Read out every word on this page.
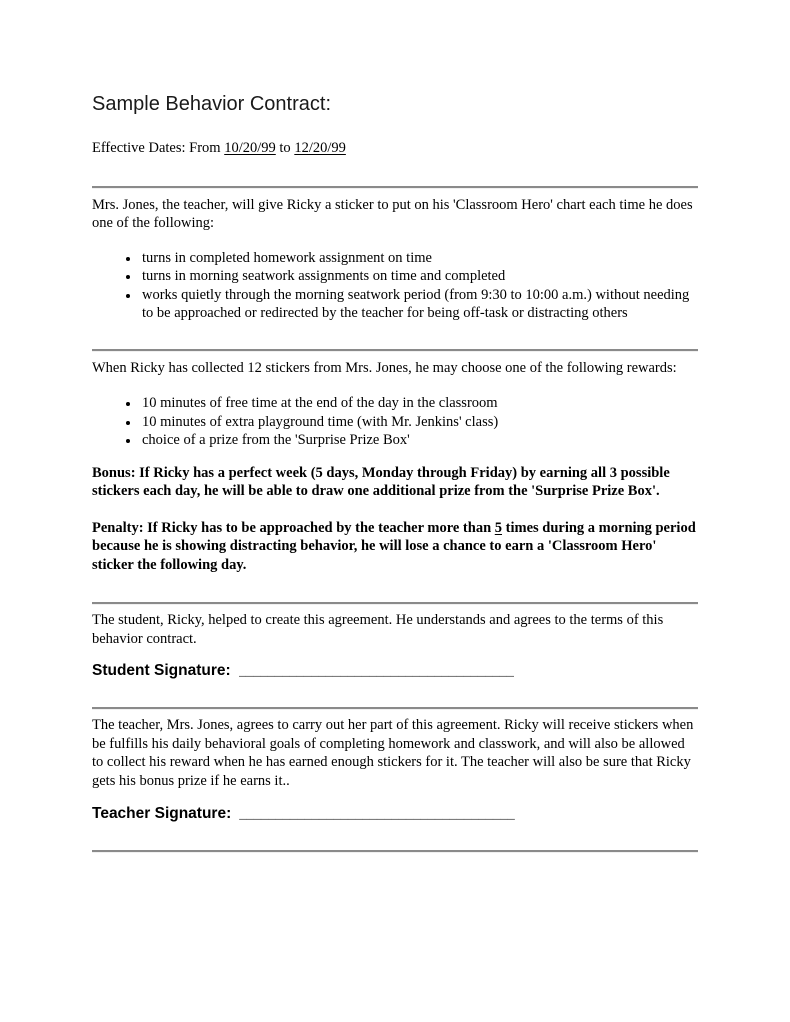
Sample Behavior Contract:

Effective Dates: From 10/20/99 to 12/20/99

Mrs. Jones, the teacher, will give Ricky a sticker to put on his 'Classroom Hero' chart each time he does one of the following:

• turns in completed homework assignment on time
• turns in morning seatwork assignments on time and completed
• works quietly through the morning seatwork period (from 9:30 to 10:00 a.m.) without needing to be approached or redirected by the teacher for being off-task or distracting others

When Ricky has collected 12 stickers from Mrs. Jones, he may choose one of the following rewards:

• 10 minutes of free time at the end of the day in the classroom
• 10 minutes of extra playground time (with Mr. Jenkins' class)
• choice of a prize from the 'Surprise Prize Box'

Bonus: If Ricky has a perfect week (5 days, Monday through Friday) by earning all 3 possible stickers each day, he will be able to draw one additional prize from the 'Surprise Prize Box'.

Penalty: If Ricky has to be approached by the teacher more than 5 times during a morning period because he is showing distracting behavior, he will lose a chance to earn a 'Classroom Hero' sticker the following day.

The student, Ricky, helped to create this agreement. He understands and agrees to the terms of this behavior contract.

Student Signature: ______________________________________

The teacher, Mrs. Jones, agrees to carry out her part of this agreement. Ricky will receive stickers when be fulfills his daily behavioral goals of completing homework and classwork, and will also be allowed to collect his reward when he has earned enough stickers for it. The teacher will also be sure that Ricky gets his bonus prize if he earns it..

Teacher Signature: ______________________________________
